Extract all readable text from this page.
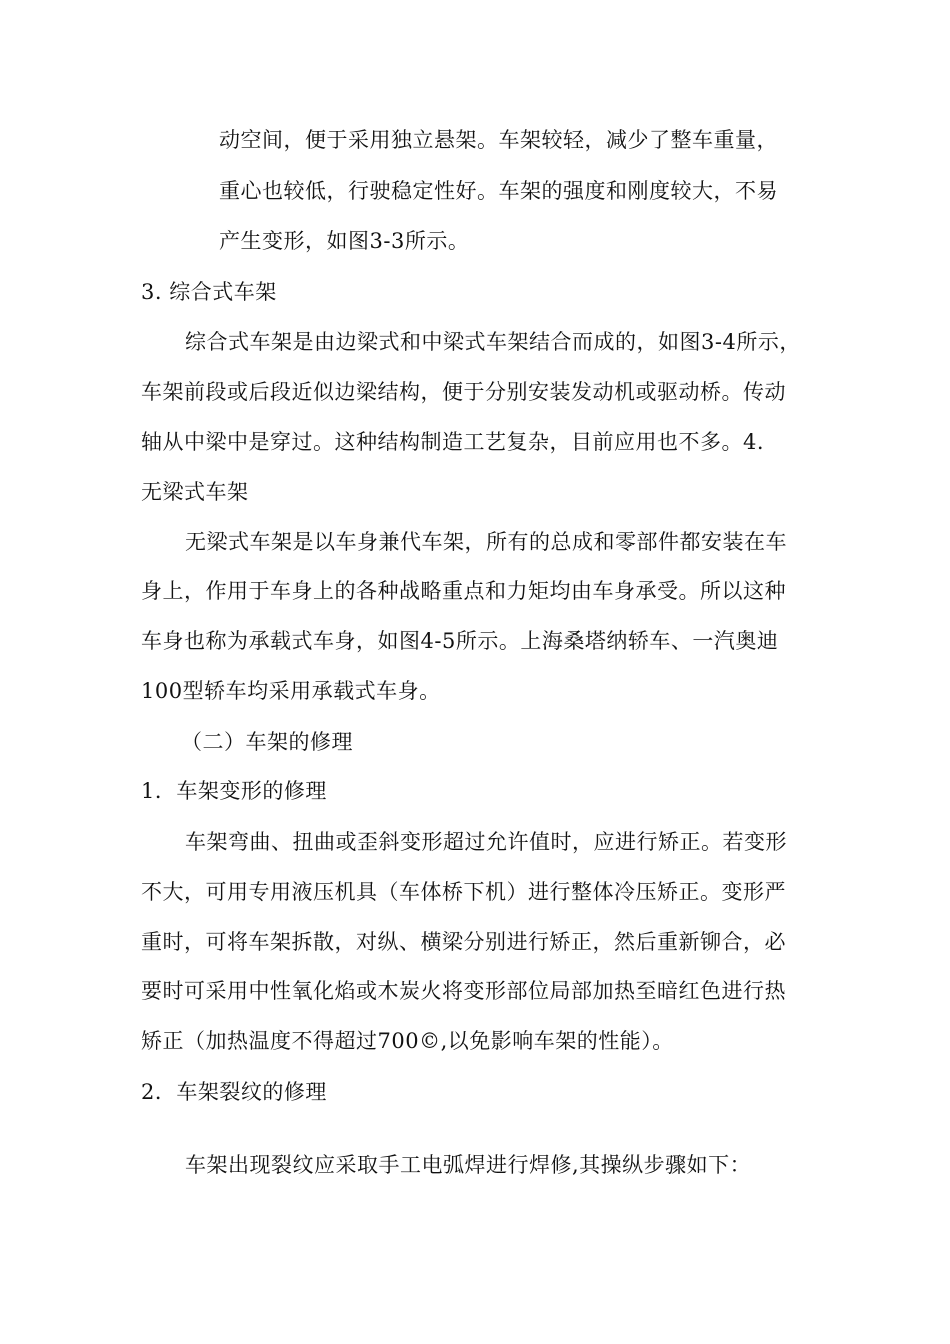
动空间，便于采用独立悬架。车架较轻，减少了整车重量，
重心也较低，行驶稳定性好。车架的强度和刚度较大，不易
产生变形，如图3-3所示。
3. 综合式车架
综合式车架是由边梁式和中梁式车架结合而成的，如图3-4所示，
车架前段或后段近似边梁结构，便于分别安装发动机或驱动桥。传动
轴从中梁中是穿过。这种结构制造工艺复杂，目前应用也不多。4.
无梁式车架
无梁式车架是以车身兼代车架，所有的总成和零部件都安装在车
身上，作用于车身上的各种战略重点和力矩均由车身承受。所以这种
车身也称为承载式车身，如图4-5所示。上海桑塔纳轿车、一汽奥迪
100型轿车均采用承载式车身。
（二）车架的修理
1．车架变形的修理
车架弯曲、扭曲或歪斜变形超过允许值时，应进行矫正。若变形
不大，可用专用液压机具（车体桥下机）进行整体冷压矫正。变形严
重时，可将车架拆散，对纵、横梁分别进行矫正，然后重新铆合，必
要时可采用中性氧化焰或木炭火将变形部位局部加热至暗红色进行热
矫正（加热温度不得超过700©,以免影响车架的性能）。
2．车架裂纹的修理
车架出现裂纹应采取手工电弧焊进行焊修,其操纵步骤如下：
